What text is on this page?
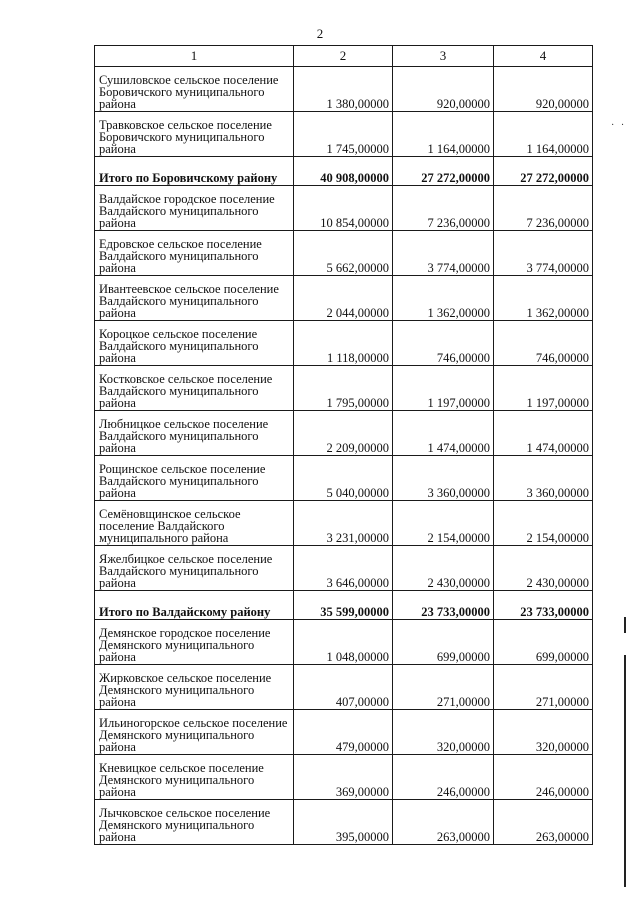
2
1	2	3	4
Сушиловское сельское поселение Боровичского муниципального района	1 380,00000	920,00000	920,00000
Травковское сельское поселение Боровичского муниципального района	1 745,00000	1 164,00000	1 164,00000
Итого по Боровичскому району	40 908,00000	27 272,00000	27 272,00000
Валдайское городское поселение Валдайского муниципального района	10 854,00000	7 236,00000	7 236,00000
Едровское сельское поселение Валдайского муниципального района	5 662,00000	3 774,00000	3 774,00000
Ивантеевское сельское поселение Валдайского муниципального района	2 044,00000	1 362,00000	1 362,00000
Короцкое сельское поселение Валдайского муниципального района	1 118,00000	746,00000	746,00000
Костковское сельское поселение Валдайского муниципального района	1 795,00000	1 197,00000	1 197,00000
Любницкое сельское поселение Валдайского муниципального района	2 209,00000	1 474,00000	1 474,00000
Рощинское сельское поселение Валдайского муниципального района	5 040,00000	3 360,00000	3 360,00000
Семёновщинское сельское поселение Валдайского муниципального района	3 231,00000	2 154,00000	2 154,00000
Яжелбицкое сельское поселение Валдайского муниципального района	3 646,00000	2 430,00000	2 430,00000
Итого по Валдайскому району	35 599,00000	23 733,00000	23 733,00000
Демянское городское поселение Демянского муниципального района	1 048,00000	699,00000	699,00000
Жирковское сельское поселение Демянского муниципального района	407,00000	271,00000	271,00000
Ильиногорское сельское поселение Демянского муниципального района	479,00000	320,00000	320,00000
Кневицкое сельское поселение Демянского муниципального района	369,00000	246,00000	246,00000
Лычковское сельское поселение Демянского муниципального района	395,00000	263,00000	263,00000
· ·
